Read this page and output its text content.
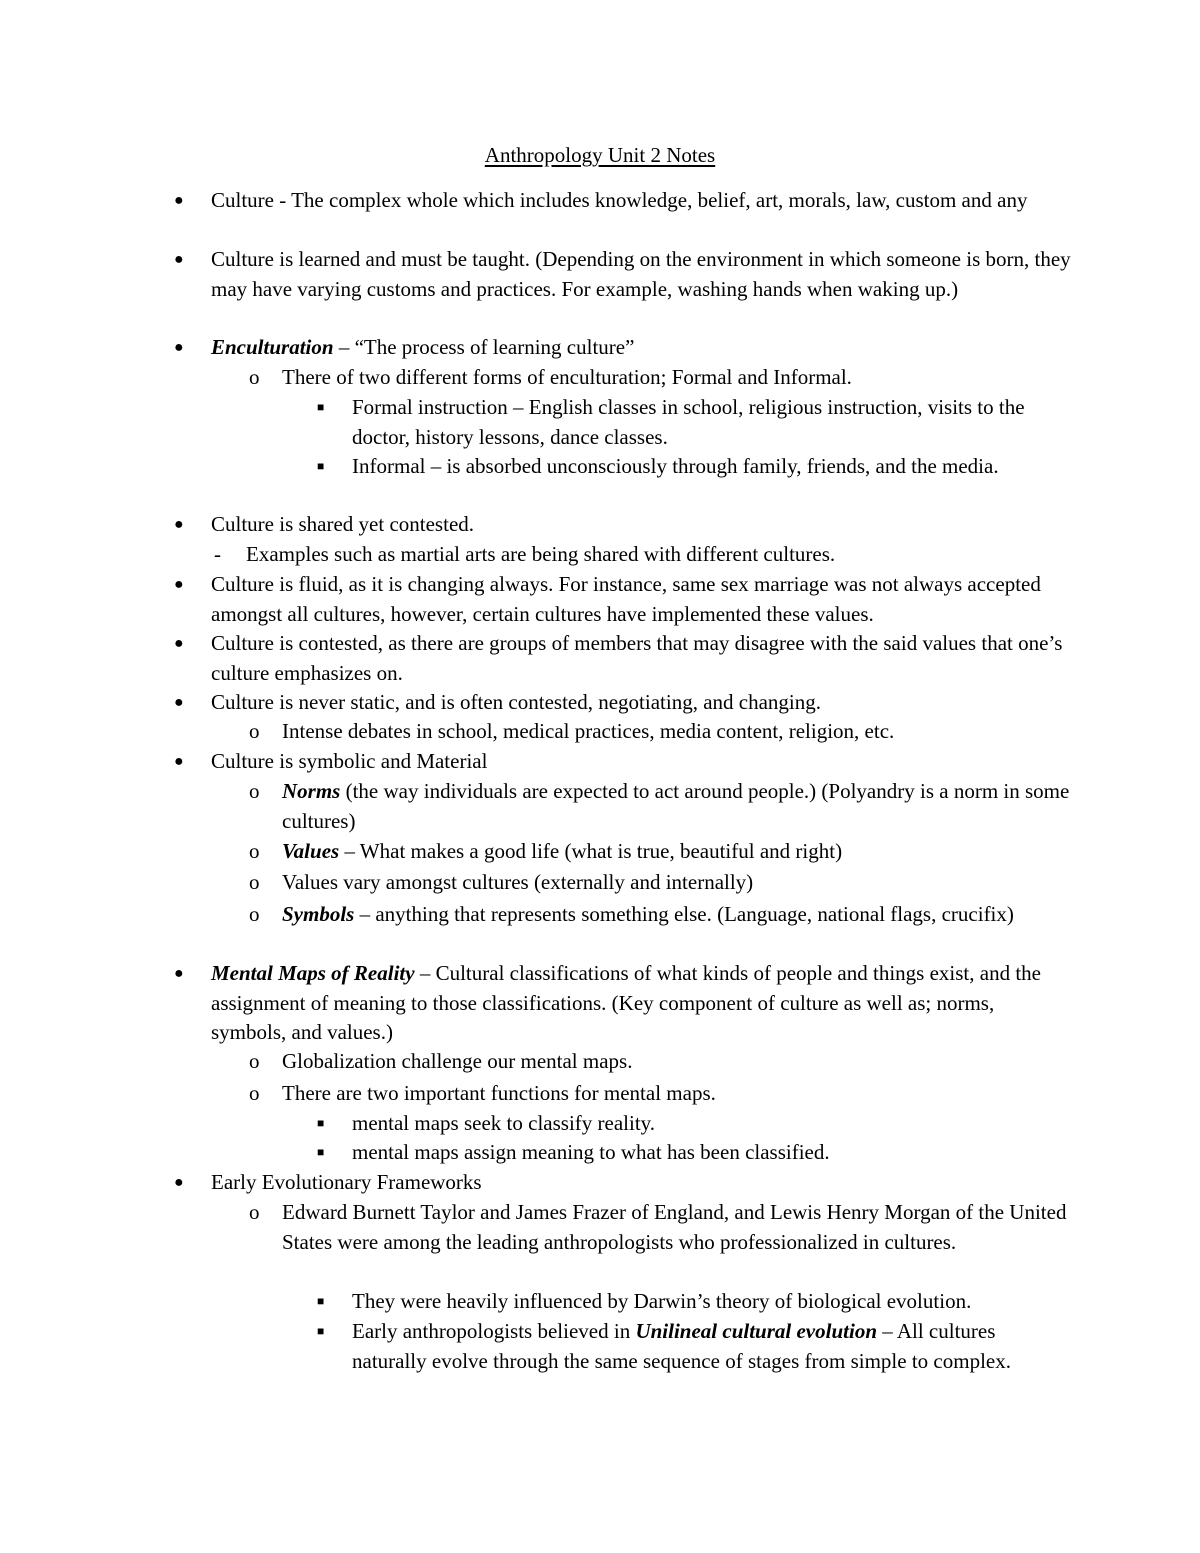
Anthropology Unit 2 Notes
● Culture - The complex whole which includes knowledge, belief, art, morals, law, custom and any
● Culture is learned and must be taught. (Depending on the environment in which someone is born, they may have varying customs and practices. For example, washing hands when waking up.)
● Enculturation – “The process of learning culture”
o There of two different forms of enculturation; Formal and Informal.
■ Formal instruction – English classes in school, religious instruction, visits to the doctor, history lessons, dance classes.
■ Informal – is absorbed unconsciously through family, friends, and the media.
● Culture is shared yet contested.
- Examples such as martial arts are being shared with different cultures.
● Culture is fluid, as it is changing always. For instance, same sex marriage was not always accepted amongst all cultures, however, certain cultures have implemented these values.
● Culture is contested, as there are groups of members that may disagree with the said values that one’s culture emphasizes on.
● Culture is never static, and is often contested, negotiating, and changing.
o Intense debates in school, medical practices, media content, religion, etc.
● Culture is symbolic and Material
o Norms (the way individuals are expected to act around people.) (Polyandry is a norm in some cultures)
o Values – What makes a good life (what is true, beautiful and right)
o Values vary amongst cultures (externally and internally)
o Symbols – anything that represents something else. (Language, national flags, crucifix)
● Mental Maps of Reality – Cultural classifications of what kinds of people and things exist, and the assignment of meaning to those classifications. (Key component of culture as well as; norms, symbols, and values.)
o Globalization challenge our mental maps.
o There are two important functions for mental maps.
■ mental maps seek to classify reality.
■ mental maps assign meaning to what has been classified.
● Early Evolutionary Frameworks
o Edward Burnett Taylor and James Frazer of England, and Lewis Henry Morgan of the United States were among the leading anthropologists who professionalized in cultures.
■ They were heavily influenced by Darwin’s theory of biological evolution.
■ Early anthropologists believed in Unilineal cultural evolution – All cultures naturally evolve through the same sequence of stages from simple to complex.
